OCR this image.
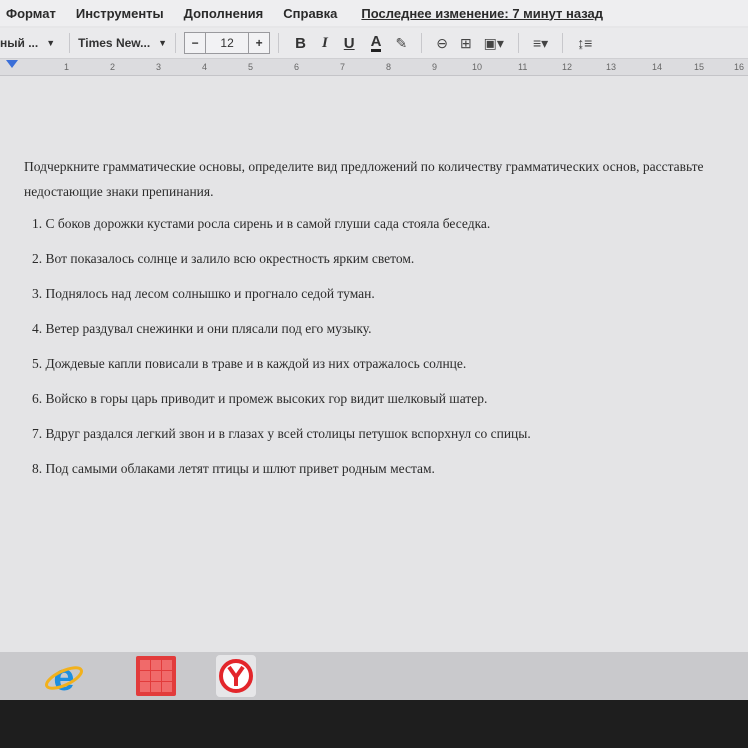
Формат Инструменты Дополнения Справка Последнее изменение: 7 минут назад
ный ... ▼ Times New... ▼	−	12	+	B I U A ✎ ⊖ ⊞ ▣▾ ≡▾ ↨≡
1	2	3	4	5	6	7	8	9	10	11	12	13	14	15	16

Подчеркните грамматические основы, определите вид предложений по количеству грамматических основ, расставьте недостающие знаки препинания.

1. С боков дорожки кустами росла сирень и в самой глуши сада стояла беседка.

2. Вот показалось солнце и залило всю окрестность ярким светом.

3. Поднялось над лесом солнышко и прогнало седой туман.

4. Ветер раздувал снежинки и они плясали под его музыку.

5. Дождевые капли повисали в траве и в каждой из них отражалось солнце.

6. Войско в горы царь приводит и промеж высоких гор видит шелковый шатер.

7. Вдруг раздался легкий звон и в глазах у всей столицы петушок вспорхнул со спицы.

8. Под самыми облаками летят птицы и шлют привет родным местам.

e
